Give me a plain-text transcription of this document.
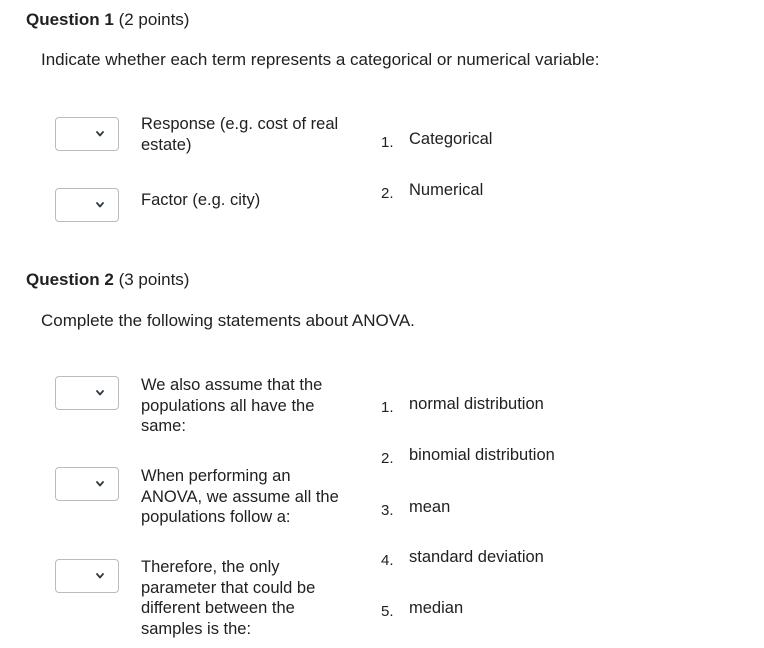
Question 1 (2 points)
Indicate whether each term represents a categorical or numerical variable:
Response (e.g. cost of real estate)
Factor (e.g. city)
1. Categorical
2. Numerical
Question 2 (3 points)
Complete the following statements about ANOVA.
We also assume that the populations all have the same:
When performing an ANOVA, we assume all the populations follow a:
Therefore, the only parameter that could be different between the samples is the:
1. normal distribution
2. binomial distribution
3. mean
4. standard deviation
5. median
